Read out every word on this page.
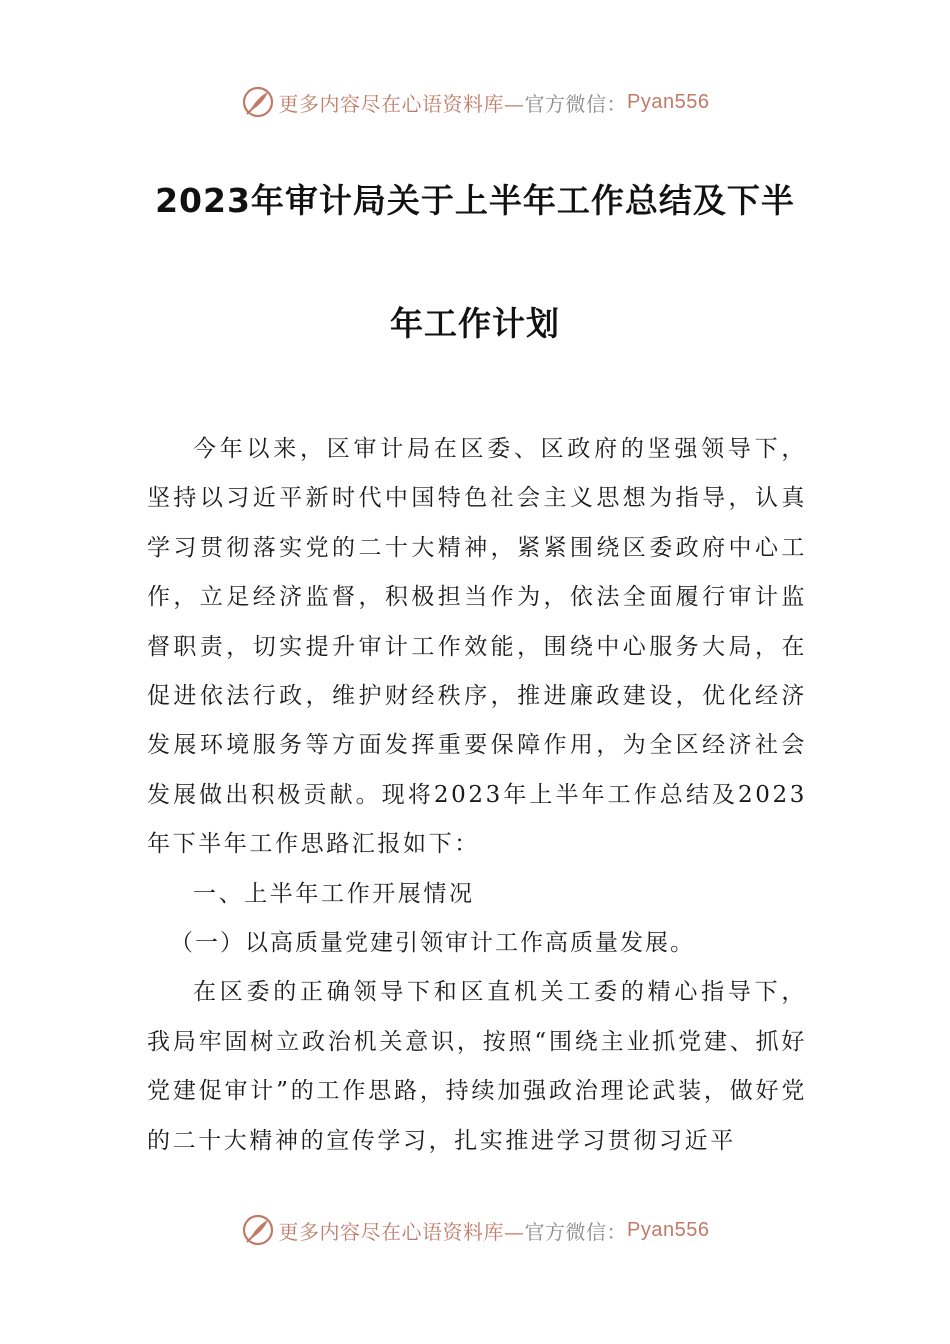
更多内容尽在心语资料库— 官方微信： Pyan556
2023年审计局关于上半年工作总结及下半
年工作计划

今年以来，区审计局在区委、区政府的坚强领导下，坚持以习近平新时代中国特色社会主义思想为指导，认真学习贯彻落实党的二十大精神，紧紧围绕区委政府中心工作，立足经济监督，积极担当作为，依法全面履行审计监督职责，切实提升审计工作效能，围绕中心服务大局，在促进依法行政，维护财经秩序，推进廉政建设，优化经济发展环境服务等方面发挥重要保障作用，为全区经济社会发展做出积极贡献。现将2023年上半年工作总结及2023年下半年工作思路汇报如下：

一、上半年工作开展情况

（一）以高质量党建引领审计工作高质量发展。

在区委的正确领导下和区直机关工委的精心指导下，我局牢固树立政治机关意识，按照“围绕主业抓党建、抓好党建促审计”的工作思路，持续加强政治理论武装，做好党的二十大精神的宣传学习，扎实推进学习贯彻习近平

更多内容尽在心语资料库— 官方微信： Pyan556
